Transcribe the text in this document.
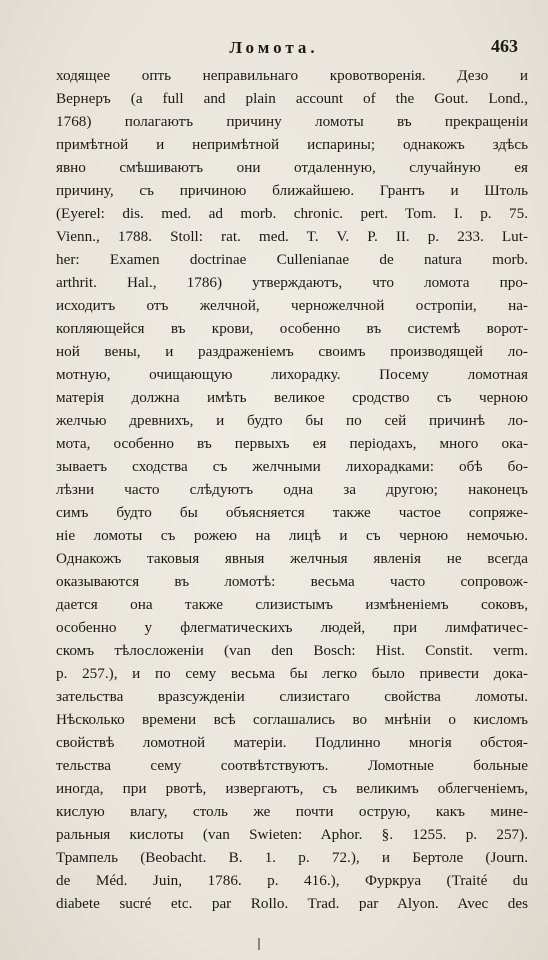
Ломота.	463
ходящее опть неправильнаго кровотворенія. Дезо и
Вернеръ (a full and plain account of the Gout. Lond.,
1768) полагаютъ причину ломоты въ прекращеніи
примѣтной и непримѣтной испарины; однакожъ здѣсь
явно смѣшиваютъ они отдаленную, случайную ея
причину, съ причиною ближайшею. Грантъ и Штоль
(Eyerel: dis. med. ad morb. chronic. pert. Tom. I. p. 75.
Vienn., 1788. Stoll: rat. med. T. V. P. II. p. 233. Lut-
her: Examen doctrinae Cullenianae de natura morb.
arthrit. Hal., 1786) утверждаютъ, что ломота про-
исходитъ отъ желчной, черножелчной остропіи, на-
копляющейся въ крови, особенно въ системѣ ворот-
ной вены, и раздраженіемъ своимъ производящей ло-
мотную, очищающую лихорадку. Посему ломотная
матерія должна имѣть великое сродство съ черною
желчью древнихъ, и будто бы по сей причинѣ ло-
мота, особенно въ первыхъ ея періодахъ, много ока-
зываетъ сходства съ желчными лихорадками: обѣ бо-
лѣзни часто слѣдуютъ одна за другою; наконецъ
симъ будто бы объясняется также частое сопряже-
ніе ломоты съ рожею на лицѣ и съ черною немочью.
Однакожъ таковыя явныя желчныя явленія не всегда
оказываются въ ломотѣ: весьма часто сопровож-
дается она также слизистымъ измѣненіемъ соковъ,
особенно у флегматическихъ людей, при лимфатичес-
скомъ тѣлосложеніи (van den Bosch: Hist. Constit. verm.
p. 257.), и по сему весьма бы легко было привести дока-
зательства вразсужденіи слизистаго свойства ломоты.
Нѣсколько времени всѣ соглашались во мнѣніи о кисломъ
свойствѣ ломотной матеріи. Подлинно многія обстоя-
тельства сему соотвѣтствуютъ. Ломотные больные
иногда, при рвотѣ, извергаютъ, съ великимъ облегченіемъ,
кислую влагу, столь же почти острую, какъ мине-
ральныя кислоты (van Swieten: Aphor. §. 1255. p. 257).
Трампель (Beobacht. B. 1. p. 72.), и Бертоле (Journ.
de Méd. Juin, 1786. p. 416.), Фуркруа (Traité du
diabete sucré etc. par Rollo. Trad. par Alyon. Avec des
